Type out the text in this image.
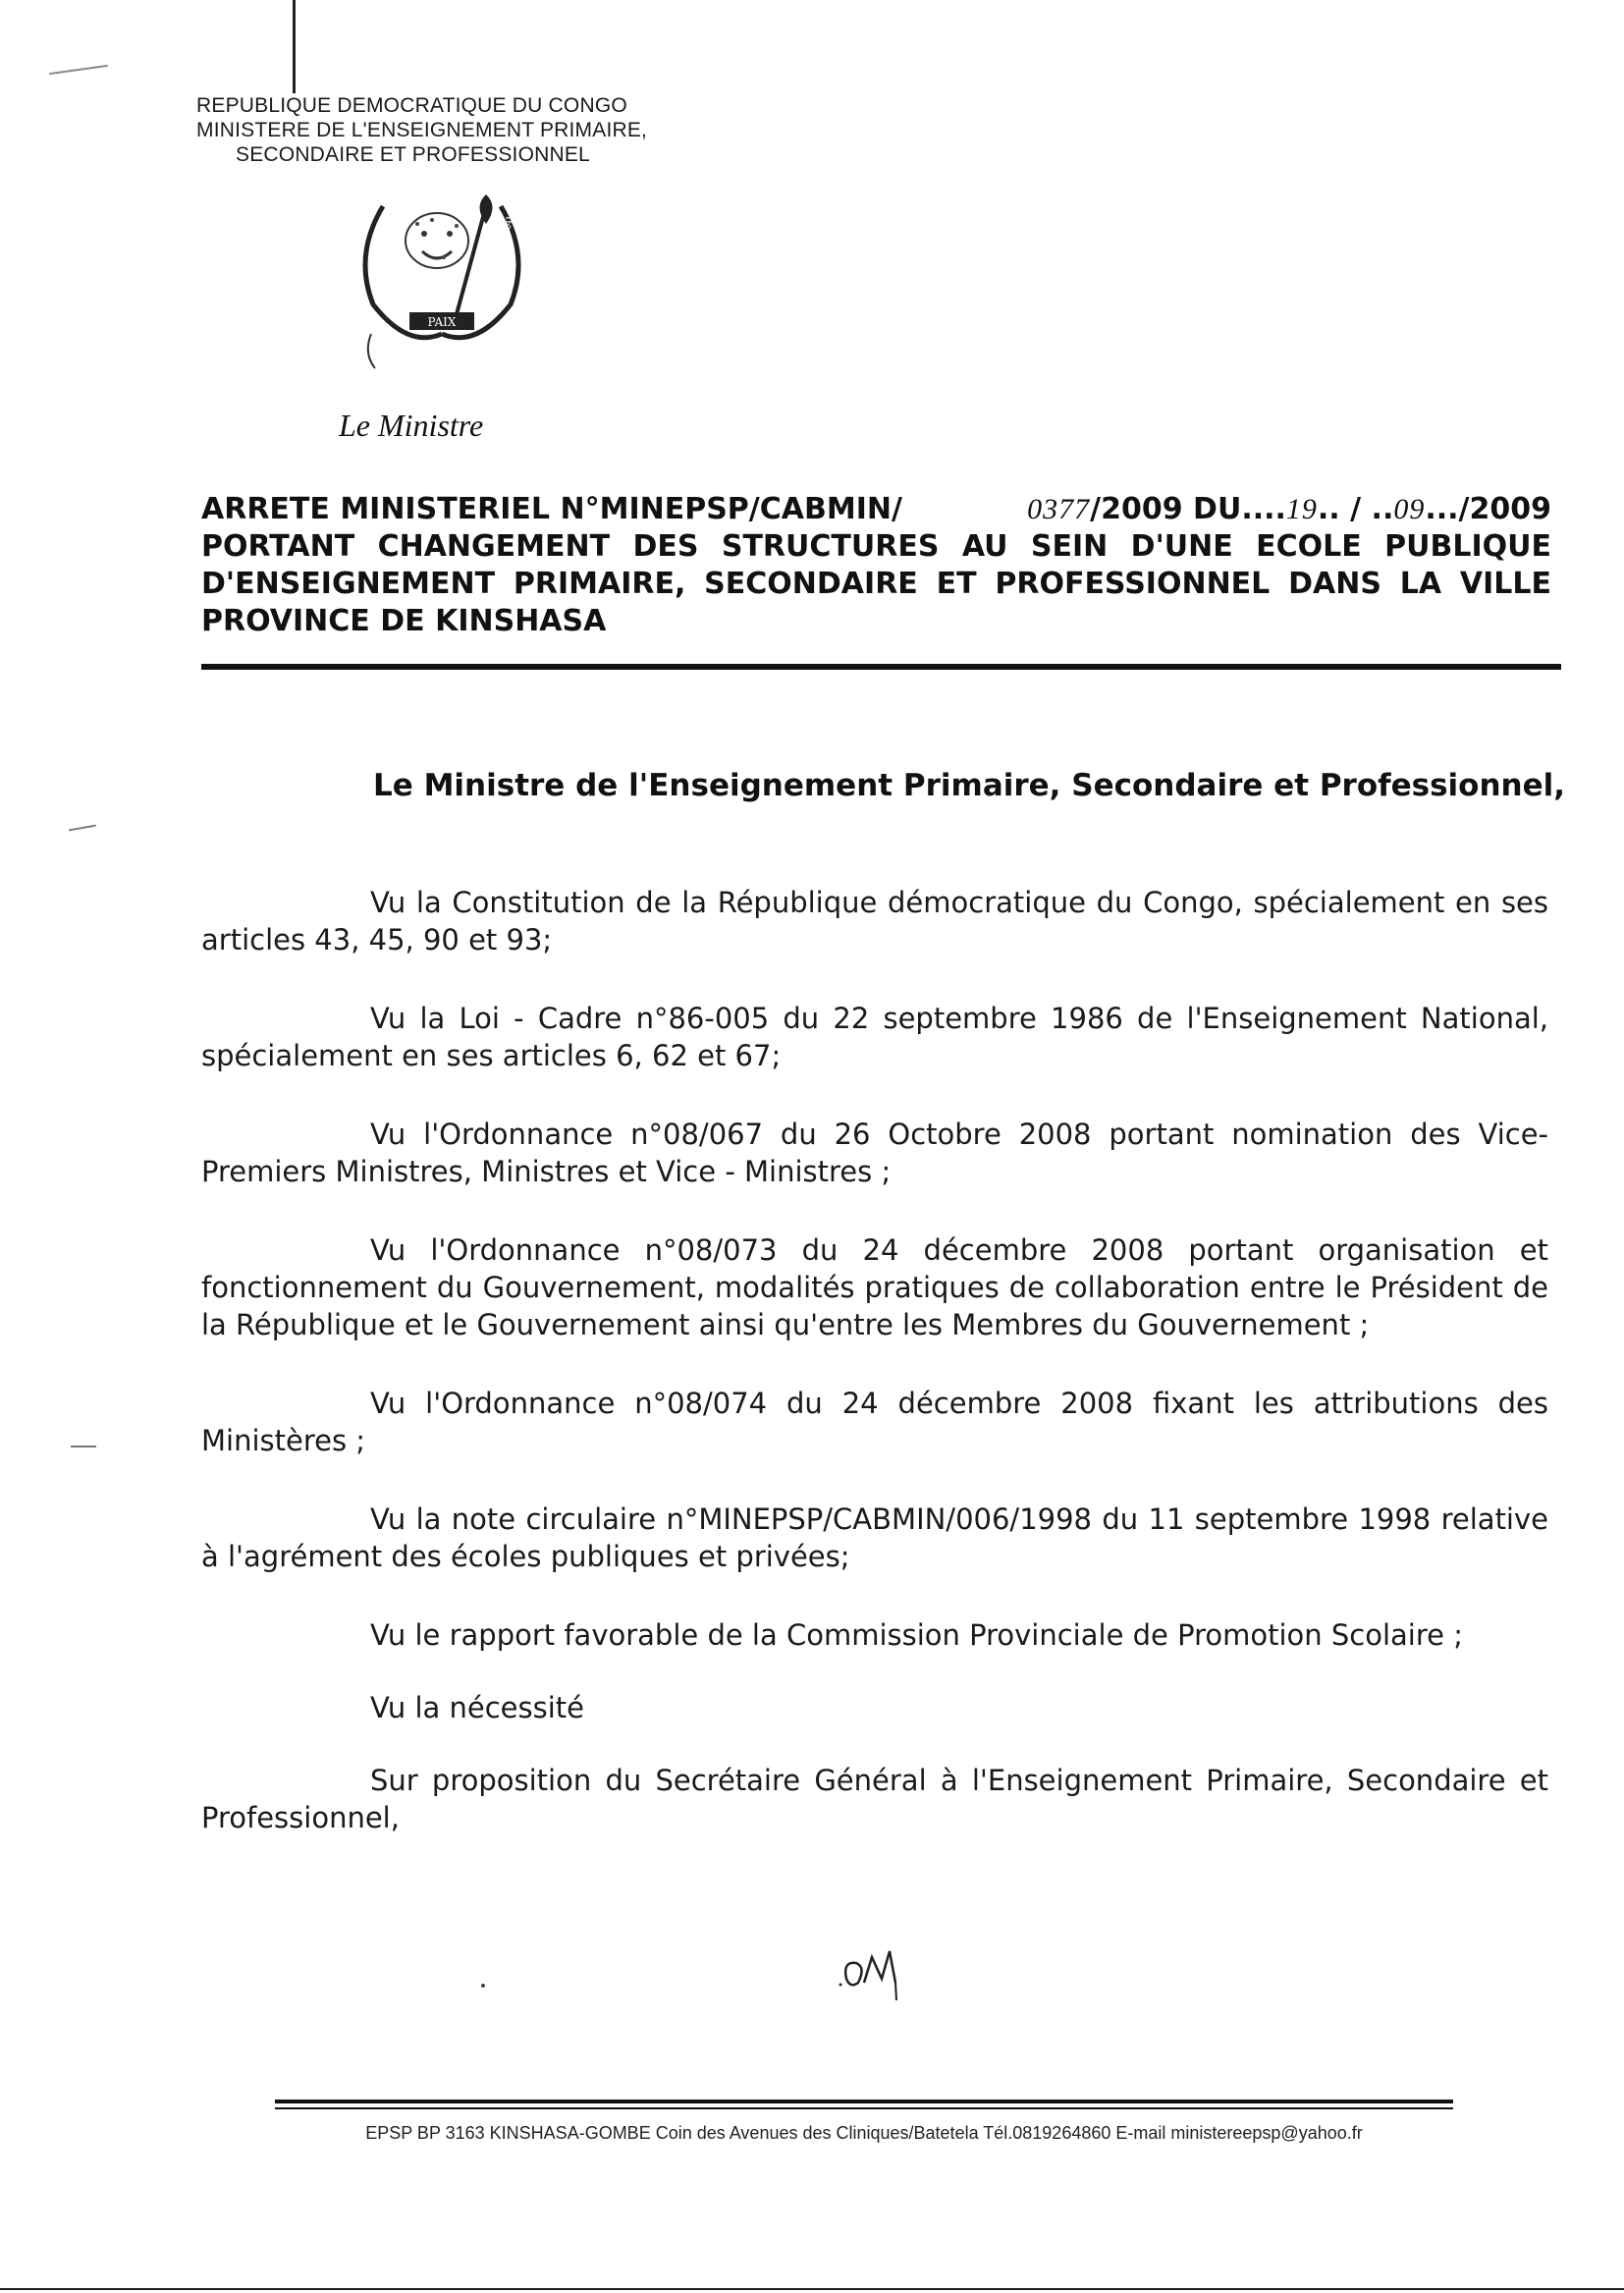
REPUBLIQUE DEMOCRATIQUE DU CONGO
MINISTERE DE L'ENSEIGNEMENT PRIMAIRE,
SECONDAIRE ET PROFESSIONNEL
PAIX
JUSTICE
TRAVAIL
Le Ministre
ARRETE MINISTERIEL N°MINEPSP/CABMIN/	0377/2009 DU....19.. / ..09.../2009
PORTANT CHANGEMENT DES STRUCTURES AU SEIN D'UNE ECOLE PUBLIQUE
D'ENSEIGNEMENT PRIMAIRE, SECONDAIRE ET PROFESSIONNEL DANS LA VILLE
PROVINCE DE KINSHASA
Le Ministre de l'Enseignement Primaire, Secondaire et Professionnel,

Vu la Constitution de la République démocratique du Congo, spécialement en ses articles 43, 45, 90 et 93;

Vu la Loi - Cadre n°86-005 du 22 septembre 1986 de l'Enseignement National, spécialement en ses articles 6, 62 et 67;

Vu l'Ordonnance n°08/067 du 26 Octobre 2008 portant nomination des Vice-Premiers Ministres, Ministres et Vice - Ministres ;

Vu l'Ordonnance n°08/073 du 24 décembre 2008 portant organisation et fonctionnement du Gouvernement, modalités pratiques de collaboration entre le Président de la République et le Gouvernement ainsi qu'entre les Membres du Gouvernement ;

Vu l'Ordonnance n°08/074 du 24 décembre 2008 fixant les attributions des Ministères ;

Vu la note circulaire n°MINEPSP/CABMIN/006/1998 du 11 septembre 1998 relative à l'agrément des écoles publiques et privées;

Vu le rapport favorable de la Commission Provinciale de Promotion Scolaire ;

Vu la nécessité

Sur proposition du Secrétaire Général à l'Enseignement Primaire, Secondaire et Professionnel,

EPSP BP 3163 KINSHASA-GOMBE Coin des Avenues des Cliniques/Batetela Tél.0819264860 E-mail ministereepsp@yahoo.fr
